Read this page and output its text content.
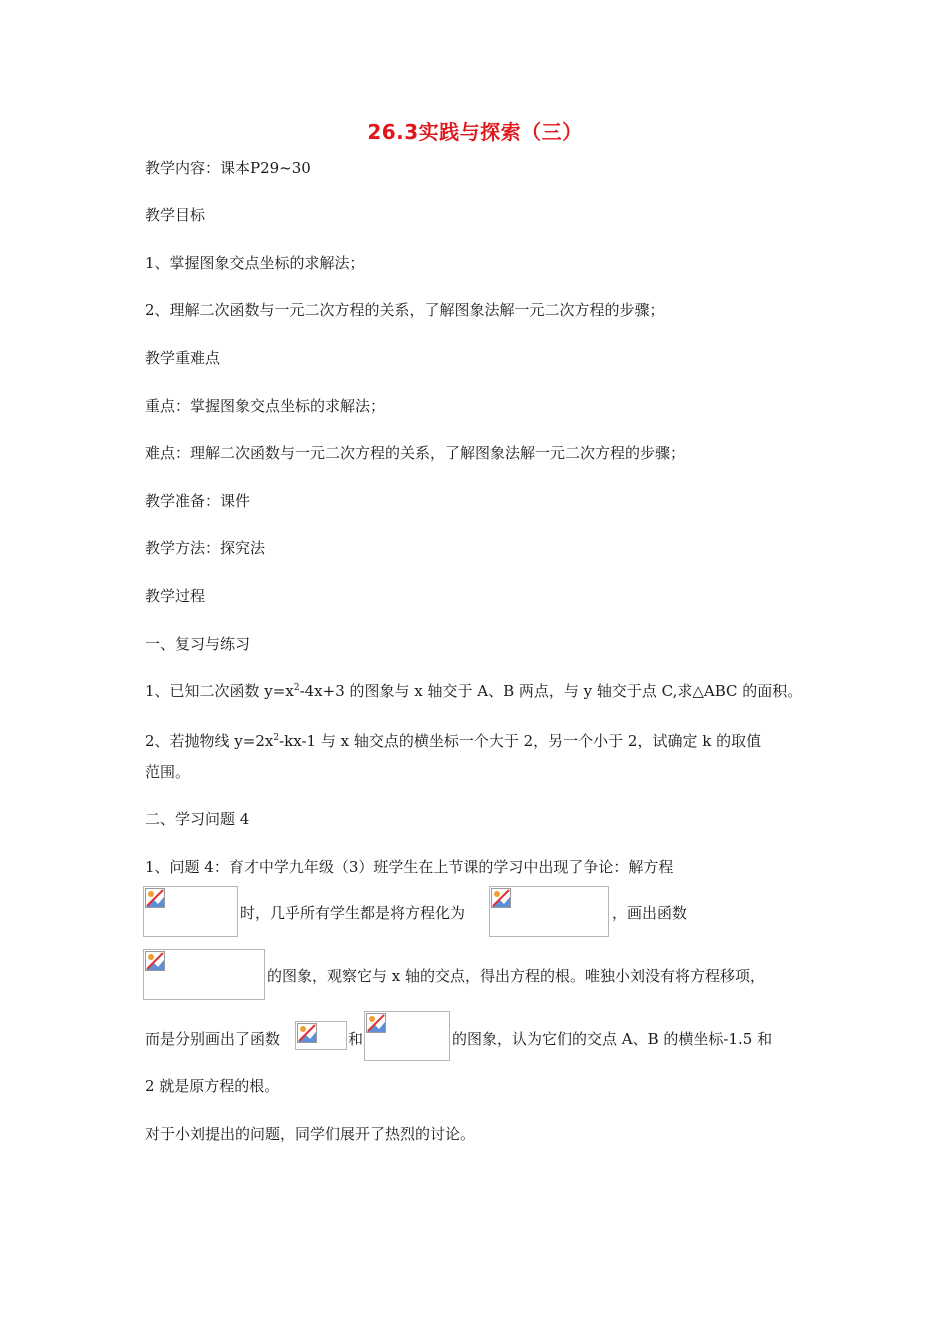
26.3实践与探索（三）
教学内容：课本P29~30
教学目标
1、掌握图象交点坐标的求解法；
2、理解二次函数与一元二次方程的关系，了解图象法解一元二次方程的步骤；
教学重难点
重点：掌握图象交点坐标的求解法；
难点：理解二次函数与一元二次方程的关系，了解图象法解一元二次方程的步骤；
教学准备：课件
教学方法：探究法
教学过程
一、复习与练习
1、已知二次函数 $y=x^2-4x+3$ 的图象与 x 轴交于 A、B 两点，与 y 轴交于点 C,求△ABC 的面积。
2、若抛物线 $y=2x^2-kx-1$ 与 x 轴交点的横坐标一个大于 2，另一个小于 2，试确定 k 的取值
范围。
二、学习问题 4
1、问题 4：育才中学九年级（3）班学生在上节课的学习中出现了争论：解方程
时，几乎所有学生都是将方程化为	，画出函数
的图象，观察它与 x 轴的交点，得出方程的根。唯独小刘没有将方程移项，
而是分别画出了函数	和	的图象，认为它们的交点 A、B 的横坐标-1.5 和
2 就是原方程的根。
对于小刘提出的问题，同学们展开了热烈的讨论。
